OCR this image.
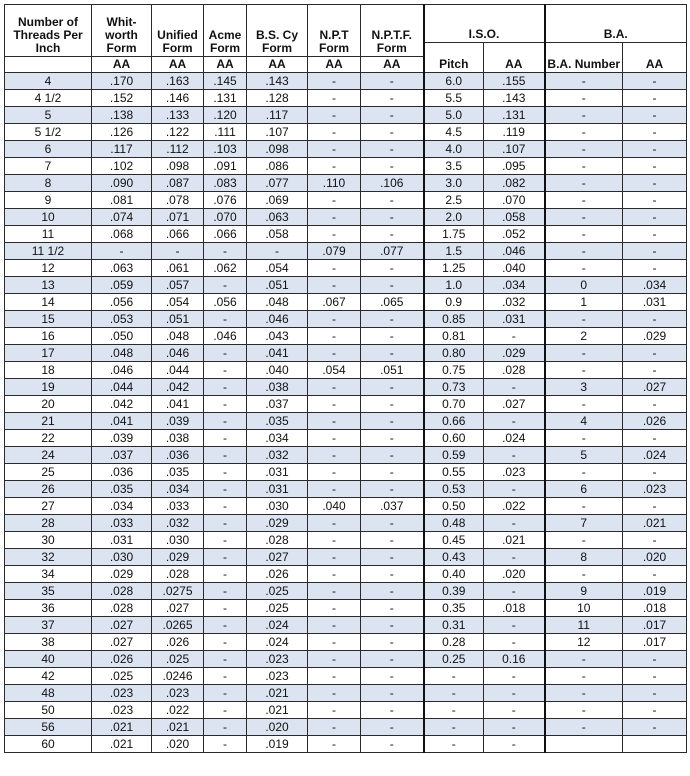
Number of Threads Per Inch	Whit- worth Form	Unified Form	Acme Form	B.S. Cy Form	N.P.T Form	N.P.T.F. Form	I.S.O.		B.A.	
							Pitch	AA	B.A. Number	AA
	AA	AA	AA	AA	AA	AA				
4	.170	.163	.145	.143	-	-	6.0	.155	-	-
4 1/2	.152	.146	.131	.128	-	-	5.5	.143	-	-
5	.138	.133	.120	.117	-	-	5.0	.131	-	-
5 1/2	.126	.122	.111	.107	-	-	4.5	.119	-	-
6	.117	.112	.103	.098	-	-	4.0	.107	-	-
7	.102	.098	.091	.086	-	-	3.5	.095	-	-
8	.090	.087	.083	.077	.110	.106	3.0	.082	-	-
9	.081	.078	.076	.069	-	-	2.5	.070	-	-
10	.074	.071	.070	.063	-	-	2.0	.058	-	-
11	.068	.066	.066	.058	-	-	1.75	.052	-	-
11 1/2	-	-	-	-	.079	.077	1.5	.046	-	-
12	.063	.061	.062	.054	-	-	1.25	.040	-	-
13	.059	.057	-	.051	-	-	1.0	.034	0	.034
14	.056	.054	.056	.048	.067	.065	0.9	.032	1	.031
15	.053	.051	-	.046	-	-	0.85	.031	-	-
16	.050	.048	.046	.043	-	-	0.81	-	2	.029
17	.048	.046	-	.041	-	-	0.80	.029	-	-
18	.046	.044	-	.040	.054	.051	0.75	.028	-	-
19	.044	.042	-	.038	-	-	0.73	-	3	.027
20	.042	.041	-	.037	-	-	0.70	.027	-	-
21	.041	.039	-	.035	-	-	0.66	-	4	.026
22	.039	.038	-	.034	-	-	0.60	.024	-	-
24	.037	.036	-	.032	-	-	0.59	-	5	.024
25	.036	.035	-	.031	-	-	0.55	.023	-	-
26	.035	.034	-	.031	-	-	0.53	-	6	.023
27	.034	.033	-	.030	.040	.037	0.50	.022	-	-
28	.033	.032	-	.029	-	-	0.48	-	7	.021
30	.031	.030	-	.028	-	-	0.45	.021	-	-
32	.030	.029	-	.027	-	-	0.43	-	8	.020
34	.029	.028	-	.026	-	-	0.40	.020	-	-
35	.028	.0275	-	.025	-	-	0.39	-	9	.019
36	.028	.027	-	.025	-	-	0.35	.018	10	.018
37	.027	.0265	-	.024	-	-	0.31	-	11	.017
38	.027	.026	-	.024	-	-	0.28	-	12	.017
40	.026	.025	-	.023	-	-	0.25	0.16	-	-
42	.025	.0246	-	.023	-	-	-	-	-	-
48	.023	.023	-	.021	-	-	-	-	-	-
50	.023	.022	-	.021	-	-	-	-	-	-
56	.021	.021	-	.020	-	-	-	-	-	-
60	.021	.020	-	.019	-	-	-	-		
